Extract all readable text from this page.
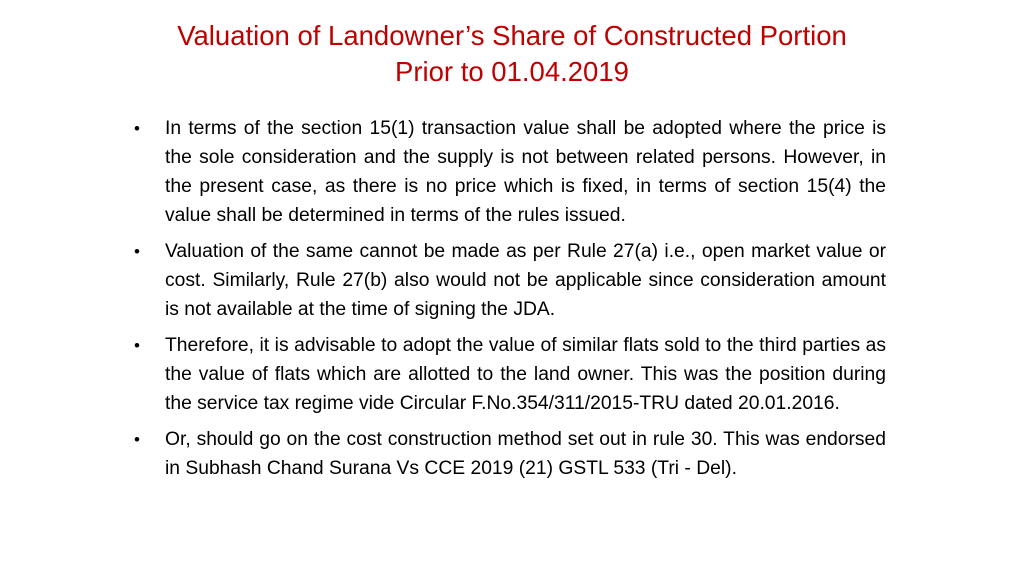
Valuation of Landowner’s Share of Constructed Portion
Prior to 01.04.2019
• In terms of the section 15(1) transaction value shall be adopted where the price is the sole consideration and the supply is not between related persons. However, in the present case, as there is no price which is fixed, in terms of section 15(4) the value shall be determined in terms of the rules issued.
• Valuation of the same cannot be made as per Rule 27(a) i.e., open market value or cost. Similarly, Rule 27(b) also would not be applicable since consideration amount is not available at the time of signing the JDA.
• Therefore, it is advisable to adopt the value of similar flats sold to the third parties as the value of flats which are allotted to the land owner. This was the position during the service tax regime vide Circular F.No.354/311/2015-TRU dated 20.01.2016.
• Or, should go on the cost construction method set out in rule 30. This was endorsed in Subhash Chand Surana Vs CCE 2019 (21) GSTL 533 (Tri - Del).
